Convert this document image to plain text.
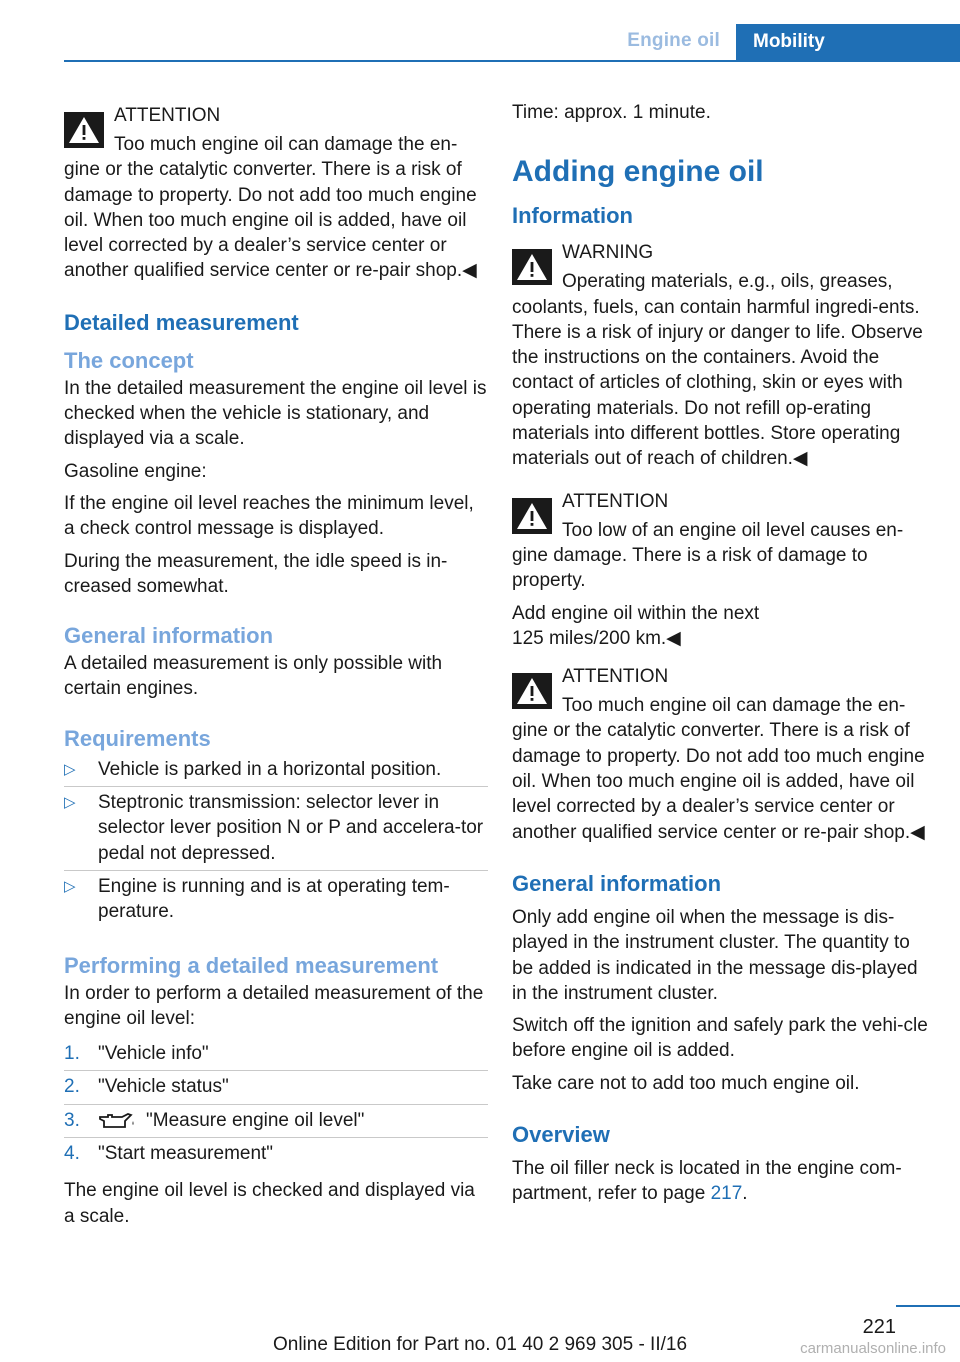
Engine oil	Mobility
ATTENTION

Too much engine oil can damage the en‐

gine or the catalytic converter. There is a risk of damage to property. Do not add too much engine oil. When too much engine oil is added, have oil level corrected by a dealer’s service center or another qualified service center or re‐pair shop.◀

Detailed measurement
The concept

In the detailed measurement the engine oil level is checked when the vehicle is stationary, and displayed via a scale.

Gasoline engine:

If the engine oil level reaches the minimum level, a check control message is displayed.

During the measurement, the idle speed is in‐creased somewhat.

General information

A detailed measurement is only possible with certain engines.

Requirements
▷ Vehicle is parked in a horizontal position.
▷ Steptronic transmission: selector lever in selector lever position N or P and accelera‐tor pedal not depressed.
▷ Engine is running and is at operating tem‐perature.
Performing a detailed measurement

In order to perform a detailed measurement of the engine oil level:

1. "Vehicle info"
2. "Vehicle status"
3.	"Measure engine oil level"
4. "Start measurement"

The engine oil level is checked and displayed via a scale.

Time: approx. 1 minute.

Adding engine oil
Information
WARNING

Operating materials, e.g., oils, greases,

coolants, fuels, can contain harmful ingredi‐ents. There is a risk of injury or danger to life. Observe the instructions on the containers. Avoid the contact of articles of clothing, skin or eyes with operating materials. Do not refill op‐erating materials into different bottles. Store operating materials out of reach of children.◀

ATTENTION

Too low of an engine oil level causes en‐

gine damage. There is a risk of damage to property.

Add engine oil within the next 125 miles/200 km.◀

ATTENTION

Too much engine oil can damage the en‐

gine or the catalytic converter. There is a risk of damage to property. Do not add too much engine oil. When too much engine oil is added, have oil level corrected by a dealer’s service center or another qualified service center or re‐pair shop.◀

General information

Only add engine oil when the message is dis‐played in the instrument cluster. The quantity to be added is indicated in the message dis‐played in the instrument cluster.

Switch off the ignition and safely park the vehi‐cle before engine oil is added.

Take care not to add too much engine oil.

Overview

The oil filler neck is located in the engine com‐partment, refer to page 217.

221
Online Edition for Part no. 01 40 2 969 305 - II/16	carmanualsonline.info
